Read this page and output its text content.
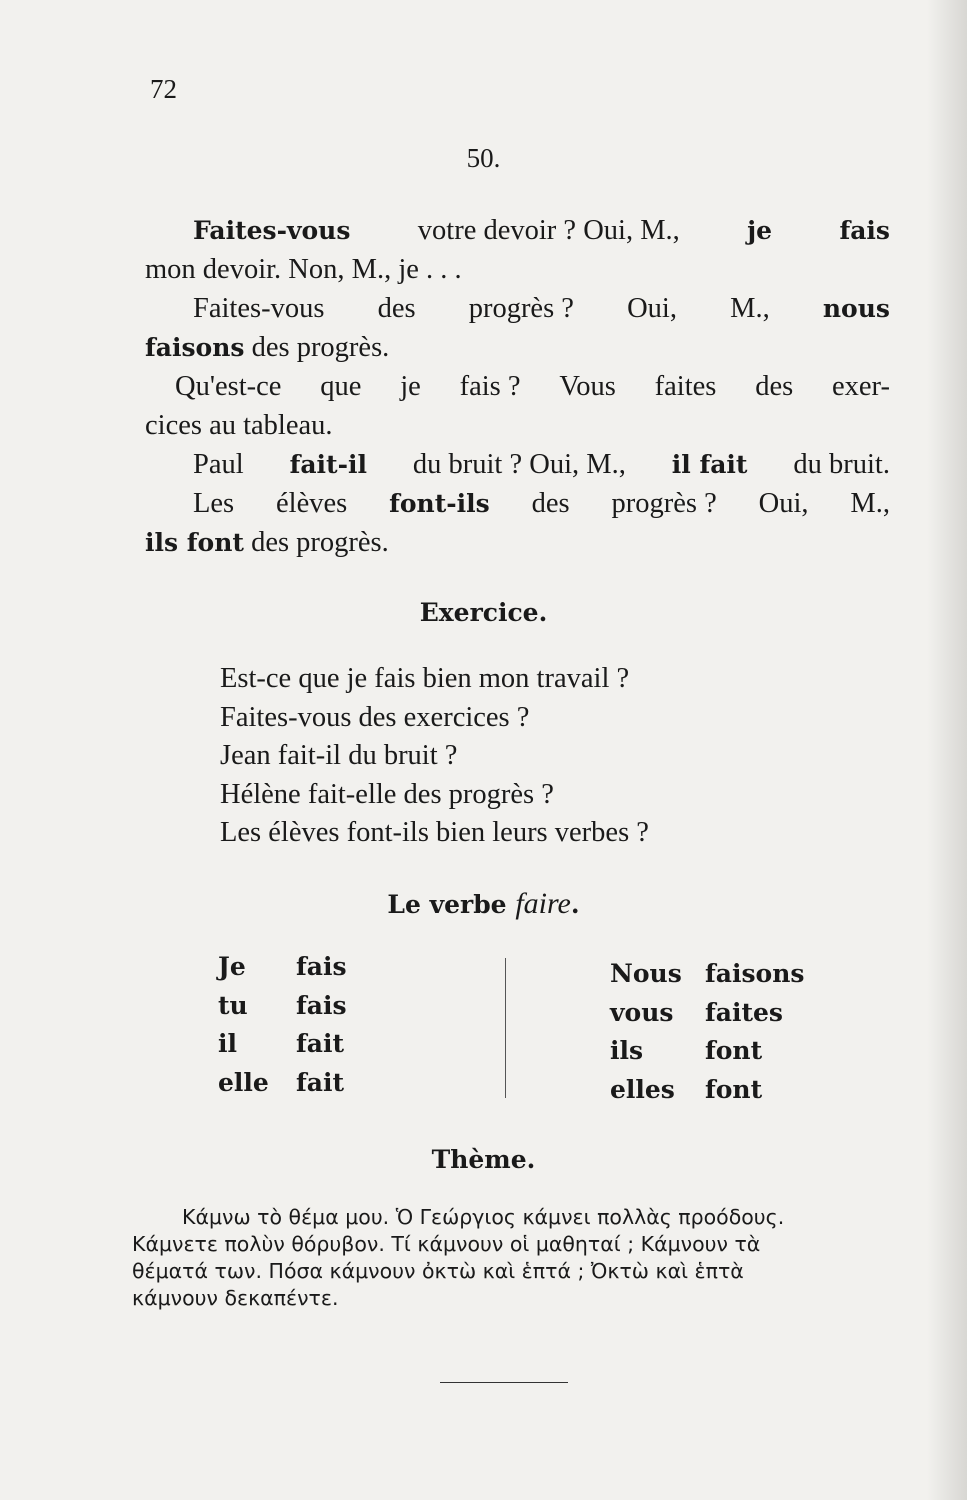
72
50.
Faites-vous votre devoir ? Oui, M.,	je	fais
mon devoir. Non, M., je . . .
Faites-vous des progrès ? Oui, M., nous
faisons
des progrès.
Qu'est-ce que je fais ? Vous faites des exer-
cices au tableau.
Paul fait-il du bruit ? Oui, M., il fait du bruit.
Les élèves font-ils des progrès ? Oui, M.,
ils font
des progrès.
Exercice.
Est-ce que je fais bien mon travail ?
Faites-vous des exercices ?
Jean fait-il du bruit ?
Hélène fait-elle des progrès ?
Les élèves font-ils bien leurs verbes ?
Le verbe faire.
Je
tu
il
elle
fais
fais
fait
fait
Nous
vous
ils
elles
faisons
faites
font
font
Thème.
Κάμνω τὸ θέμα μου. Ὁ Γεώργιος κάμνει πολλὰς προόδους.
Κάμνετε πολὺν θόρυβον. Τί κάμνουν οἱ μαθηταί ; Κάμνουν τὰ
θέματά των. Πόσα κάμνουν ὀκτὼ καὶ ἑπτά ; Ὀκτὼ καὶ ἑπτὰ
κάμνουν δεκαπέντε.
